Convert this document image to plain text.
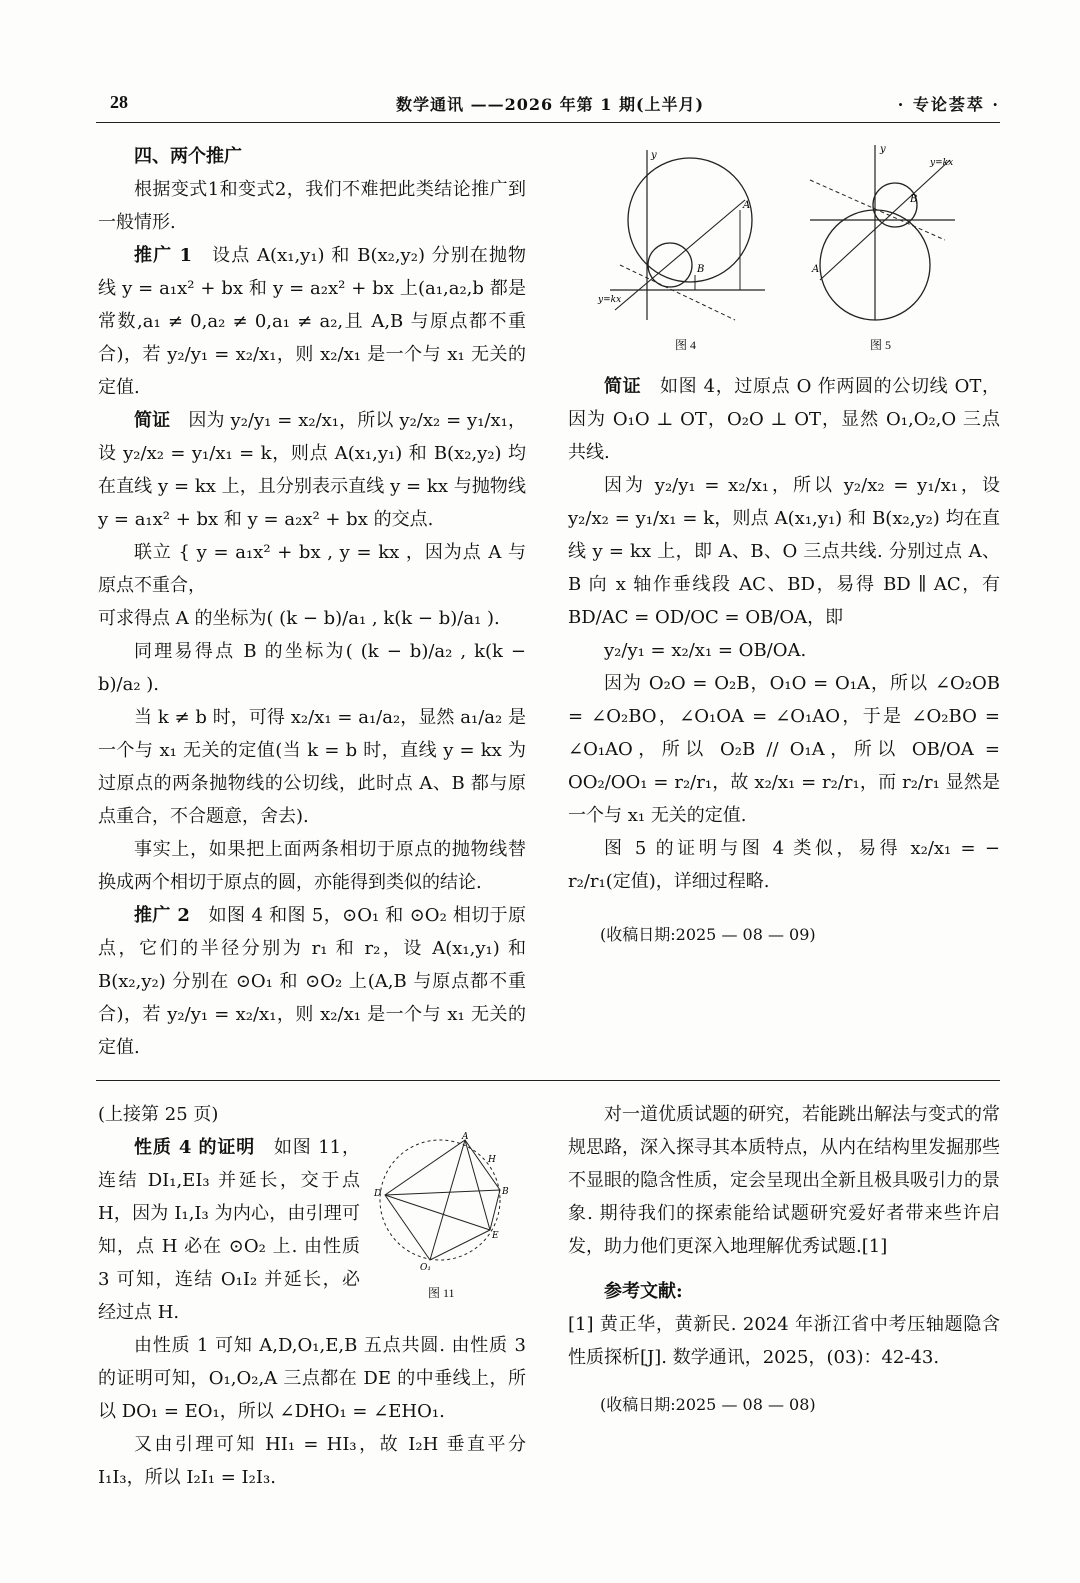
28	数学通讯 ——2026 年第 1 期(上半月)	· 专论荟萃 ·

四、两个推广

根据变式1和变式2，我们不难把此类结论推广到一般情形.

推广 1　 设点 A(x₁,y₁) 和 B(x₂,y₂) 分别在抛物线 y = a₁x² + bx 和 y = a₂x² + bx 上(a₁,a₂,b 都是常数,a₁ ≠ 0,a₂ ≠ 0,a₁ ≠ a₂,且 A,B 与原点都不重合)，若 y₂/y₁ = x₂/x₁，则 x₂/x₁ 是一个与 x₁ 无关的定值.

简证　 因为 y₂/y₁ = x₂/x₁，所以 y₂/x₂ = y₁/x₁，设 y₂/x₂ = y₁/x₁ = k，则点 A(x₁,y₁) 和 B(x₂,y₂) 均在直线 y = kx 上，且分别表示直线 y = kx 与抛物线 y = a₁x² + bx 和 y = a₂x² + bx 的交点.

联立 { y = a₁x² + bx , y = kx ，因为点 A 与原点不重合，

可求得点 A 的坐标为( (k − b)/a₁ , k(k − b)/a₁ ).

同理易得点 B 的坐标为( (k − b)/a₂ , k(k − b)/a₂ ).

当 k ≠ b 时，可得 x₂/x₁ = a₁/a₂，显然 a₁/a₂ 是一个与 x₁ 无关的定值(当 k = b 时，直线 y = kx 为过原点的两条抛物线的公切线，此时点 A、B 都与原点重合，不合题意，舍去).

事实上，如果把上面两条相切于原点的抛物线替换成两个相切于原点的圆，亦能得到类似的结论.

推广 2　 如图 4 和图 5，⊙O₁ 和 ⊙O₂ 相切于原点，它们的半径分别为 r₁ 和 r₂，设 A(x₁,y₁) 和 B(x₂,y₂) 分别在 ⊙O₁ 和 ⊙O₂ 上(A,B 与原点都不重合)，若 y₂/y₁ = x₂/x₁，则 x₂/x₁ 是一个与 x₁ 无关的定值.

y
A
B
y=kx
图 4
y
y=kx
B
A
图 5

简证　 如图 4，过原点 O 作两圆的公切线 OT，因为 O₁O ⊥ OT，O₂O ⊥ OT，显然 O₁,O₂,O 三点共线.

因为 y₂/y₁ = x₂/x₁，所以 y₂/x₂ = y₁/x₁，设 y₂/x₂ = y₁/x₁ = k，则点 A(x₁,y₁) 和 B(x₂,y₂) 均在直线 y = kx 上，即 A、B、O 三点共线. 分别过点 A、B 向 x 轴作垂线段 AC、BD，易得 BD ∥ AC，有 BD/AC = OD/OC = OB/OA，即

y₂/y₁ = x₂/x₁ = OB/OA.

因为 O₂O = O₂B，O₁O = O₁A，所以 ∠O₂OB = ∠O₂BO，∠O₁OA = ∠O₁AO，于是 ∠O₂BO = ∠O₁AO，所以 O₂B // O₁A，所以 OB/OA = OO₂/OO₁ = r₂/r₁，故 x₂/x₁ = r₂/r₁，而 r₂/r₁ 显然是一个与 x₁ 无关的定值.

图 5 的证明与图 4 类似，易得 x₂/x₁ = − r₂/r₁(定值)，详细过程略.

(收稿日期:2025 — 08 — 09)

(上接第 25 页)

性质 4 的证明　 如图 11，连结 DI₁,EI₃ 并延长，交于点 H，因为 I₁,I₃ 为内心，由引理可知，点 H 必在 ⊙O₂ 上. 由性质 3 可知，连结 O₁I₂ 并延长，必经过点 H.

由性质 1 可知 A,D,O₁,E,B 五点共圆. 由性质 3 的证明可知，O₁,O₂,A 三点都在 DE 的中垂线上，所以 DO₁ = EO₁，所以 ∠DHO₁ = ∠EHO₁.

又由引理可知 HI₁ = HI₃，故 I₂H 垂直平分 I₁I₃，所以 I₂I₁ = I₂I₃.

A
D
E
B
H
O₁
图 11

对一道优质试题的研究，若能跳出解法与变式的常规思路，深入探寻其本质特点，从内在结构里发掘那些不显眼的隐含性质，定会呈现出全新且极具吸引力的景象. 期待我们的探索能给试题研究爱好者带来些许启发，助力他们更深入地理解优秀试题.[1]

参考文献:

[1] 黄正华，黄新民. 2024 年浙江省中考压轴题隐含性质探析[J]. 数学通讯，2025，(03)：42-43.

(收稿日期:2025 — 08 — 08)
